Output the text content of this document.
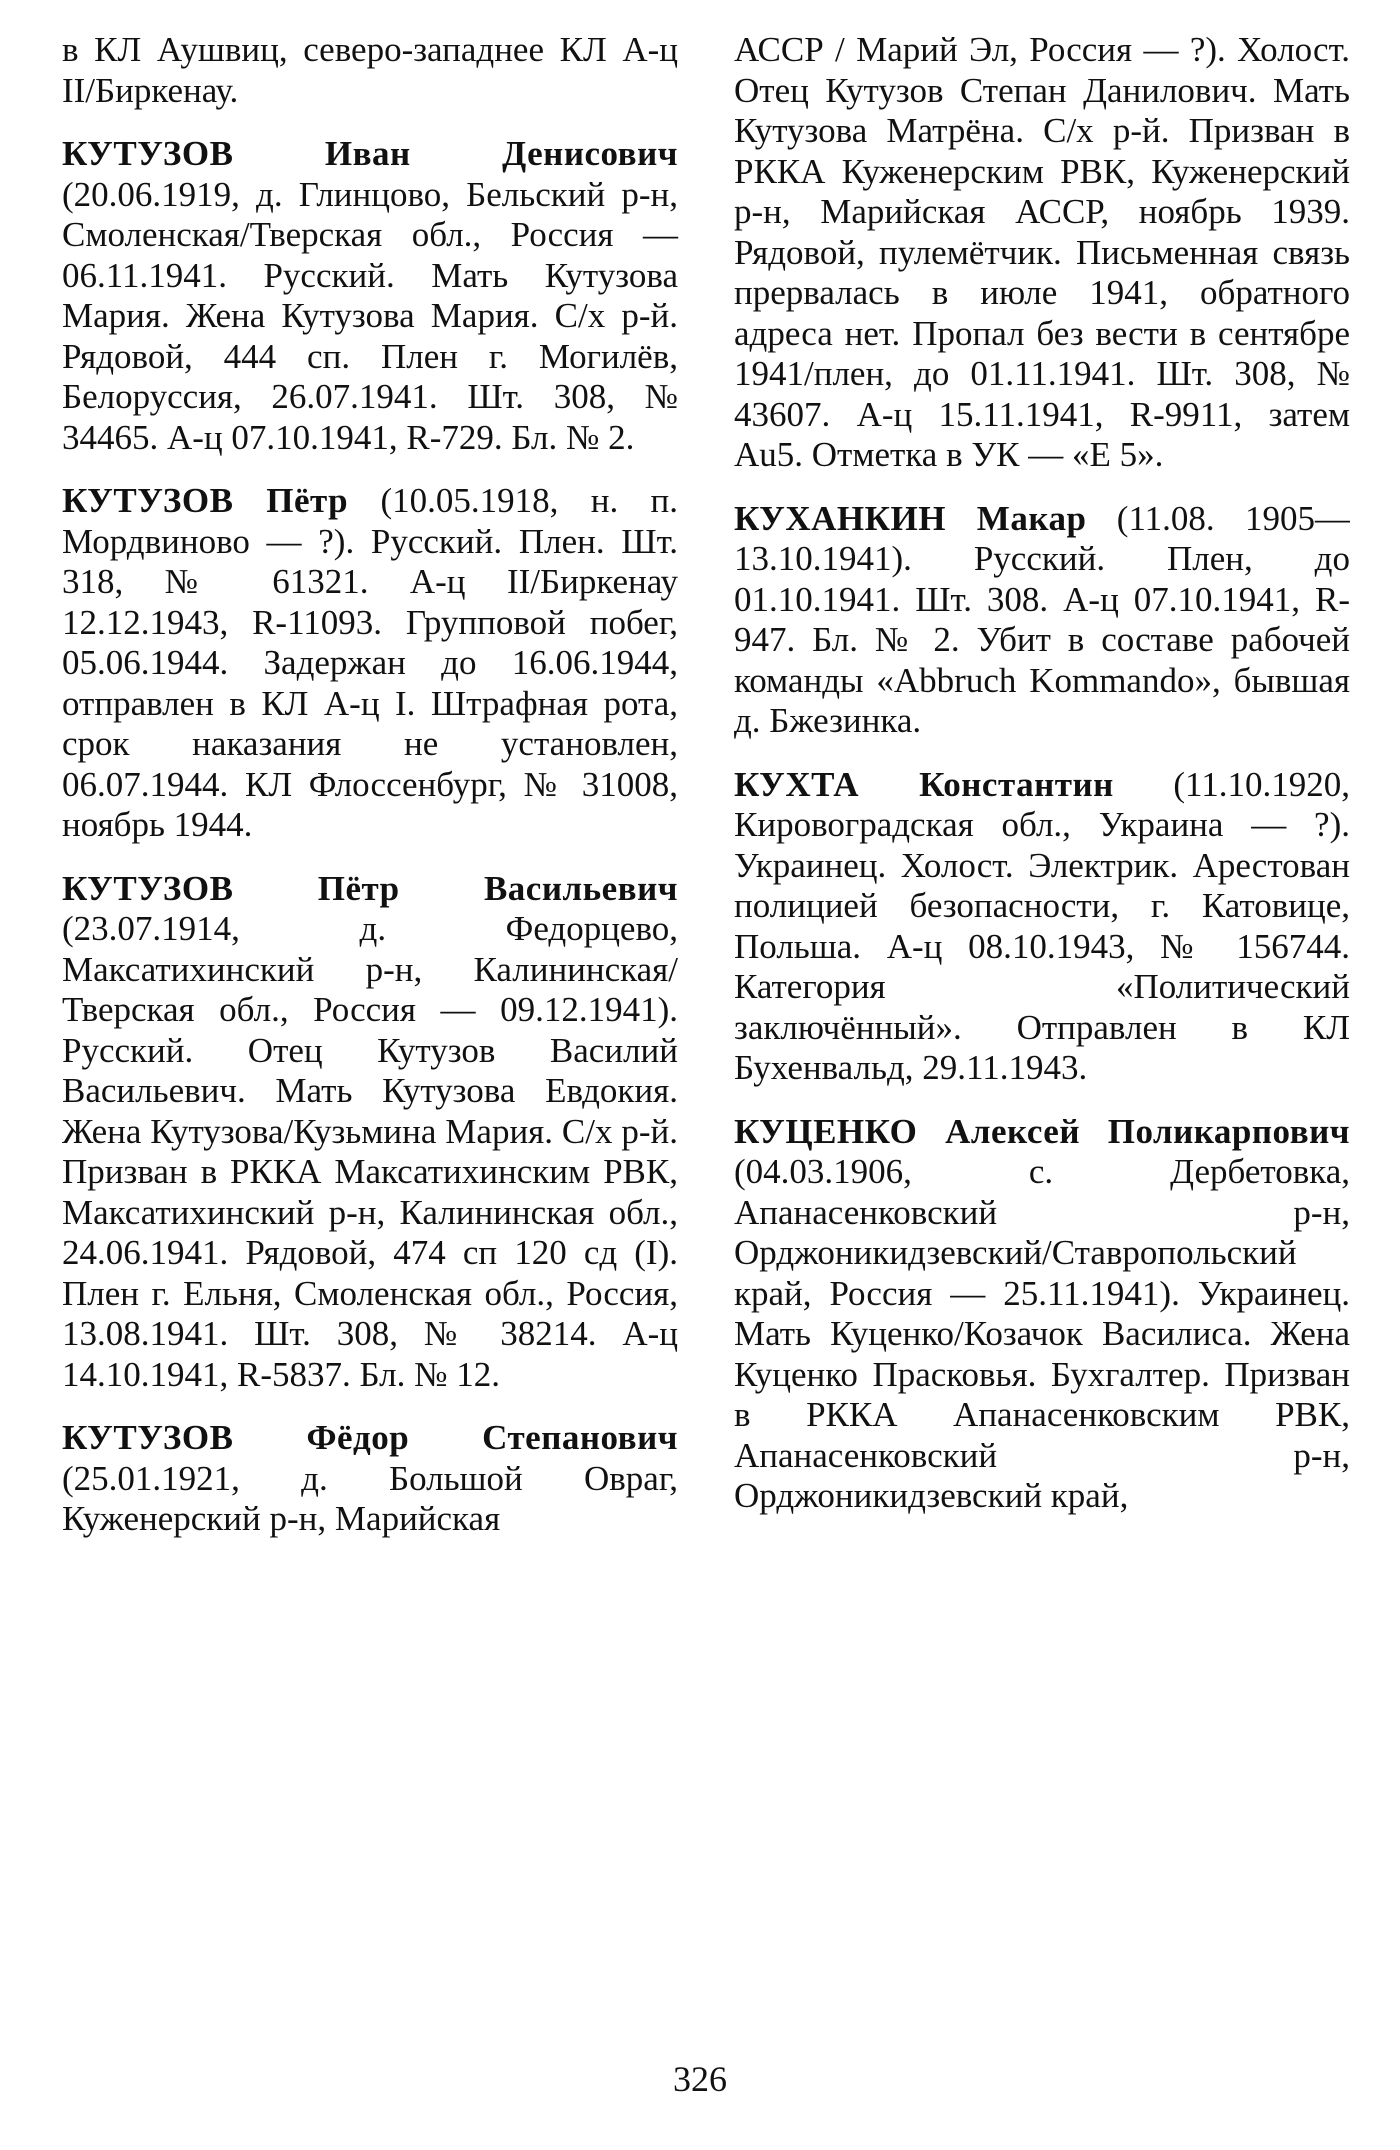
в КЛ Аушвиц, северо-западнее КЛ А-ц II/Биркенау.

КУТУЗОВ Иван Денисович (20.06.1919, д. Глинцово, Бельский р-н, Смоленская/Тверская обл., Россия — 06.11.1941. Русский. Мать Кутузова Мария. Жена Кутузова Мария. С/х р-й. Рядовой, 444 сп. Плен г. Могилёв, Белоруссия, 26.07.1941. Шт. 308, № 34465. А-ц 07.10.1941, R-729. Бл. № 2.

КУТУЗОВ Пётр (10.05.1918, н. п. Мордвиново — ?). Русский. Плен. Шт. 318, № 61321. А-ц II/Биркенау 12.12.1943, R-11093. Групповой побег, 05.06.1944. Задержан до 16.06.1944, отправлен в КЛ А-ц I. Штрафная рота, срок наказания не установлен, 06.07.1944. КЛ Флоссенбург, № 31008, ноябрь 1944.

КУТУЗОВ Пётр Васильевич (23.07.1914, д. Федорцево, Максатихинский р-н, Калининская/Тверская обл., Россия — 09.12.1941). Русский. Отец Кутузов Василий Васильевич. Мать Кутузова Евдокия. Жена Кутузова/Кузьмина Мария. С/х р-й. Призван в РККА Максатихинским РВК, Максатихинский р-н, Калининская обл., 24.06.1941. Рядовой, 474 сп 120 сд (I). Плен г. Ельня, Смоленская обл., Россия, 13.08.1941. Шт. 308, № 38214. А-ц 14.10.1941, R-5837. Бл. № 12.

КУТУЗОВ Фёдор Степанович (25.01.1921, д. Большой Овраг, Куженерский р-н, Марийская

АССР / Марий Эл, Россия — ?). Холост. Отец Кутузов Степан Данилович. Мать Кутузова Матрёна. С/х р-й. Призван в РККА Куженерским РВК, Куженерский р-н, Марийская АССР, ноябрь 1939. Рядовой, пулемётчик. Письменная связь прервалась в июле 1941, обратного адреса нет. Пропал без вести в сентябре 1941/плен, до 01.11.1941. Шт. 308, № 43607. А-ц 15.11.1941, R-9911, затем Au5. Отметка в УК — «Е 5».

КУХАНКИН Макар (11.08. 1905—13.10.1941). Русский. Плен, до 01.10.1941. Шт. 308. А-ц 07.10.1941, R-947. Бл. № 2. Убит в составе рабочей команды «Abbruch Kommando», бывшая д. Бжезинка.

КУХТА Константин (11.10.1920, Кировоградская обл., Украина — ?). Украинец. Холост. Электрик. Арестован полицией безопасности, г. Катовице, Польша. А-ц 08.10.1943, № 156744. Категория «Политический заключённый». Отправлен в КЛ Бухенвальд, 29.11.1943.

КУЦЕНКО Алексей Поликарпович (04.03.1906, с. Дербетовка, Апанасенковский р-н, Орджоникидзевский/Ставропольский край, Россия — 25.11.1941). Украинец. Мать Куценко/Козачок Василиса. Жена Куценко Прасковья. Бухгалтер. Призван в РККА Апанасенковским РВК, Апанасенковский р-н, Орджоникидзевский край,

326
